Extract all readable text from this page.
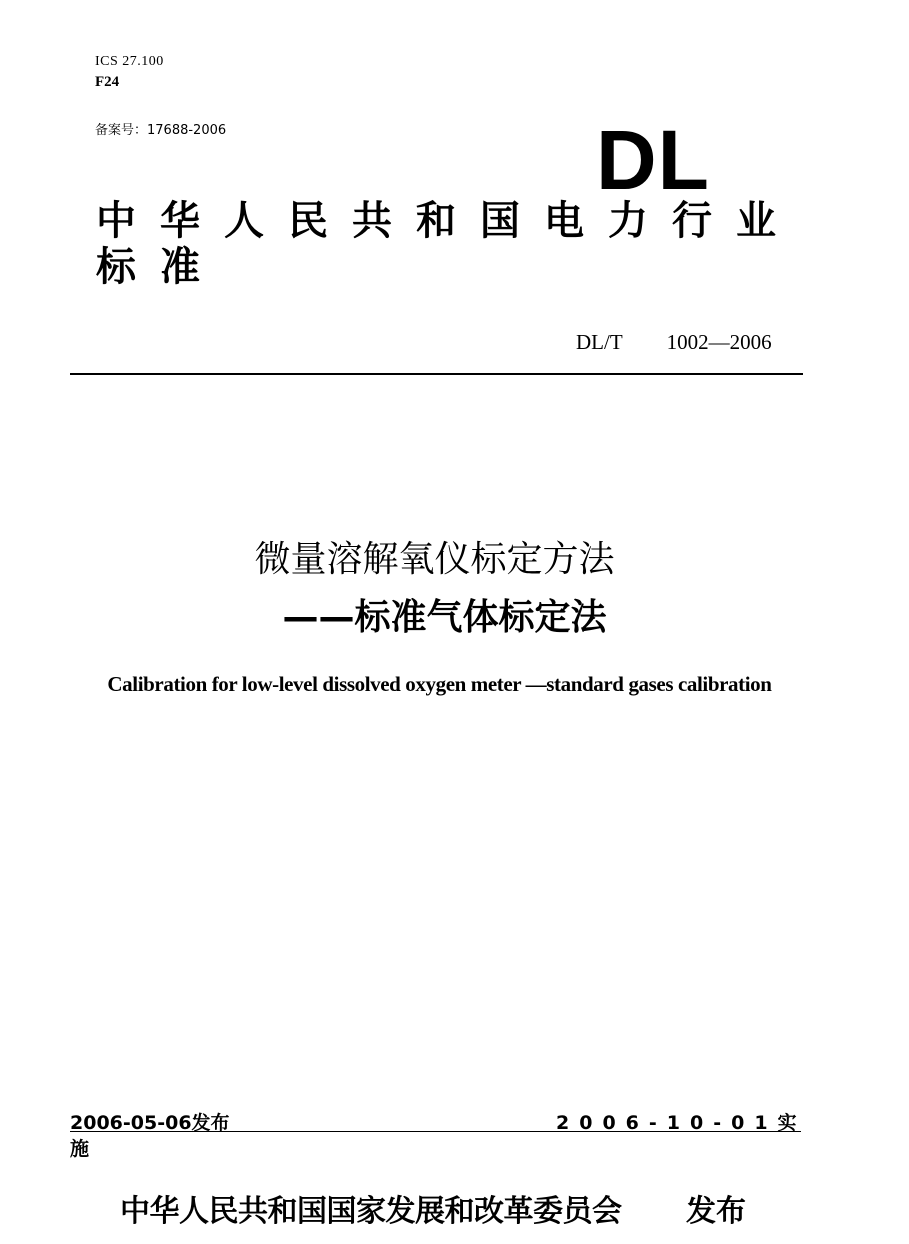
ICS 27.100
F24
备案号：17688-2006	DL
中华人民共和国电力行业标准
DL/T 1002—2006
微量溶解氧仪标定方法
——标准气体标定法
Calibration for low-level dissolved oxygen meter —standard gases calibration
2006-05-06发布	2006-10-01实
施
中华人民共和国国家发展和改革委员会 发布
